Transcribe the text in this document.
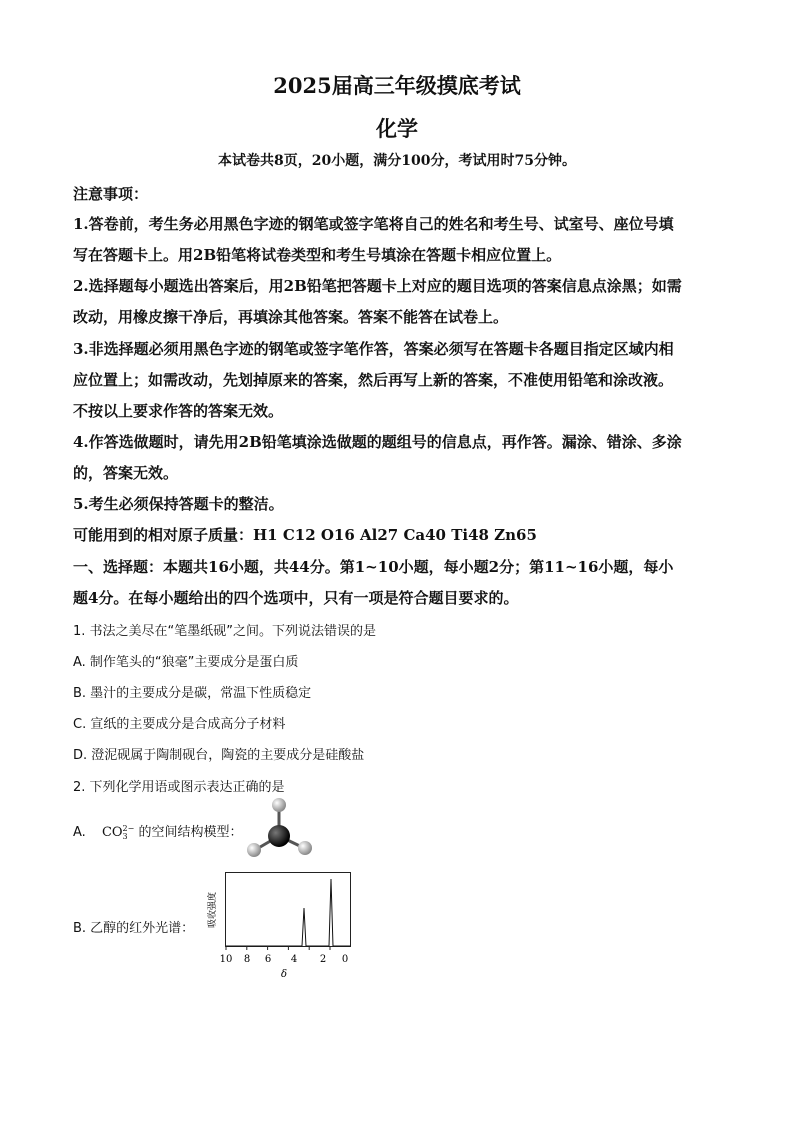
2025届高三年级摸底考试
化学
本试卷共8页，20小题，满分100分，考试用时75分钟。
注意事项：
1.答卷前，考生务必用黑色字迹的钢笔或签字笔将自己的姓名和考生号、试室号、座位号填
写在答题卡上。用2B铅笔将试卷类型和考生号填涂在答题卡相应位置上。
2.选择题每小题选出答案后，用2B铅笔把答题卡上对应的题目选项的答案信息点涂黑；如需
改动，用橡皮擦干净后，再填涂其他答案。答案不能答在试卷上。
3.非选择题必须用黑色字迹的钢笔或签字笔作答，答案必须写在答题卡各题目指定区域内相
应位置上；如需改动，先划掉原来的答案，然后再写上新的答案，不准使用铅笔和涂改液。
不按以上要求作答的答案无效。
4.作答选做题时，请先用2B铅笔填涂选做题的题组号的信息点，再作答。漏涂、错涂、多涂
的，答案无效。
5.考生必须保持答题卡的整洁。
可能用到的相对原子质量：H1 C12 O16 Al27 Ca40 Ti48 Zn65
一、选择题：本题共16小题，共44分。第1~10小题，每小题2分；第11~16小题，每小
题4分。在每小题给出的四个选项中，只有一项是符合题目要求的。
1. 书法之美尽在“笔墨纸砚”之间。下列说法错误的是
A. 制作笔头的“狼毫”主要成分是蛋白质
B. 墨汁的主要成分是碳，常温下性质稳定
C. 宣纸的主要成分是合成高分子材料
D. 澄泥砚属于陶制砚台，陶瓷的主要成分是硅酸盐
2. 下列化学用语或图示表达正确的是
A. CO 2−
3 的空间结构模型：
B. 乙醇的红外光谱：
吸收强度
10 8 6 4 2 0
δ
